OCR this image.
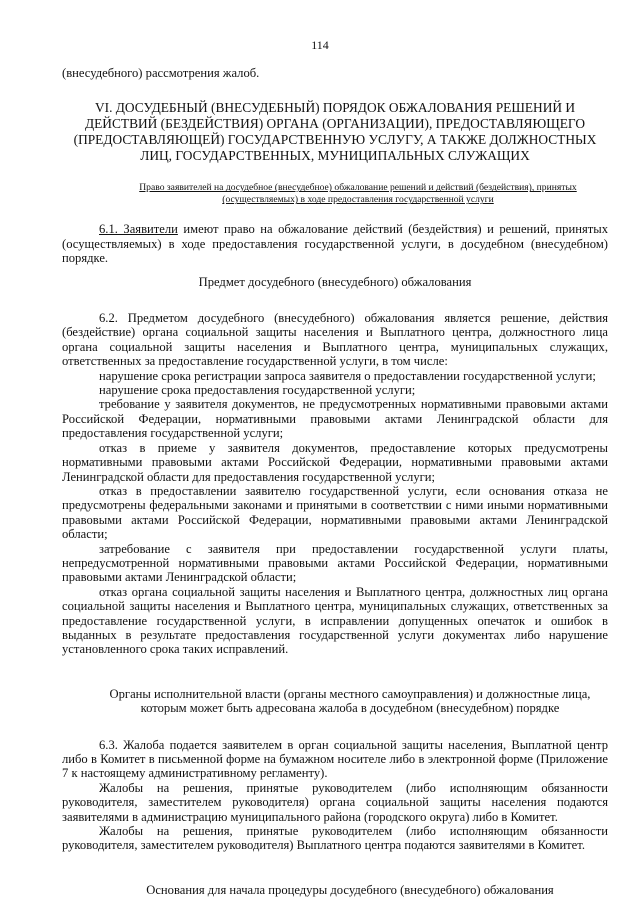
114

(внесудебного) рассмотрения жалоб.

VI. ДОСУДЕБНЫЙ (ВНЕСУДЕБНЫЙ) ПОРЯДОК ОБЖАЛОВАНИЯ РЕШЕНИЙ И ДЕЙСТВИЙ (БЕЗДЕЙСТВИЯ) ОРГАНА (ОРГАНИЗАЦИИ), ПРЕДОСТАВЛЯЮЩЕГО (ПРЕДОСТАВЛЯЮЩЕЙ) ГОСУДАРСТВЕННУЮ УСЛУГУ, А ТАКЖЕ ДОЛЖНОСТНЫХ ЛИЦ, ГОСУДАРСТВЕННЫХ, МУНИЦИПАЛЬНЫХ СЛУЖАЩИХ

Право заявителей на досудебное (внесудебное) обжалование решений и действий (бездействия), принятых (осуществляемых) в ходе предоставления государственной услуги

6.1. Заявители имеют право на обжалование действий (бездействия) и решений, принятых (осуществляемых) в ходе предоставления государственной услуги, в досудебном (внесудебном) порядке.

Предмет досудебного (внесудебного) обжалования

6.2. Предметом досудебного (внесудебного) обжалования является решение, действия (бездействие) органа социальной защиты населения и Выплатного центра, должностного лица органа социальной защиты населения и Выплатного центра, муниципальных служащих, ответственных за предоставление государственной услуги, в том числе:

нарушение срока регистрации запроса заявителя о предоставлении государственной услуги;

нарушение срока предоставления государственной услуги;

требование у заявителя документов, не предусмотренных нормативными правовыми актами Российской Федерации, нормативными правовыми актами Ленинградской области для предоставления государственной услуги;

отказ в приеме у заявителя документов, предоставление которых предусмотрены нормативными правовыми актами Российской Федерации, нормативными правовыми актами Ленинградской области для предоставления государственной услуги;

отказ в предоставлении заявителю государственной услуги, если основания отказа не предусмотрены федеральными законами и принятыми в соответствии с ними иными нормативными правовыми актами Российской Федерации, нормативными правовыми актами Ленинградской области;

затребование с заявителя при предоставлении государственной услуги платы, непредусмотренной нормативными правовыми актами Российской Федерации, нормативными правовыми актами Ленинградской области;

отказ органа социальной защиты населения и Выплатного центра, должностных лиц органа социальной защиты населения и Выплатного центра, муниципальных служащих, ответственных за предоставление государственной услуги, в исправлении допущенных опечаток и ошибок в выданных в результате предоставления государственной услуги документах либо нарушение установленного срока таких исправлений.

Органы исполнительной власти (органы местного самоуправления) и должностные лица, которым может быть адресована жалоба в досудебном (внесудебном) порядке

6.3. Жалоба подается заявителем в орган социальной защиты населения, Выплатной центр либо в Комитет в письменной форме на бумажном носителе либо в электронной форме (Приложение 7 к настоящему административному регламенту).

Жалобы на решения, принятые руководителем (либо исполняющим обязанности руководителя, заместителем руководителя) органа социальной защиты населения подаются заявителями в администрацию муниципального района (городского округа) либо в Комитет.

Жалобы на решения, принятые руководителем (либо исполняющим обязанности руководителя, заместителем руководителя) Выплатного центра подаются заявителями в Комитет.

Основания для начала процедуры досудебного (внесудебного) обжалования
